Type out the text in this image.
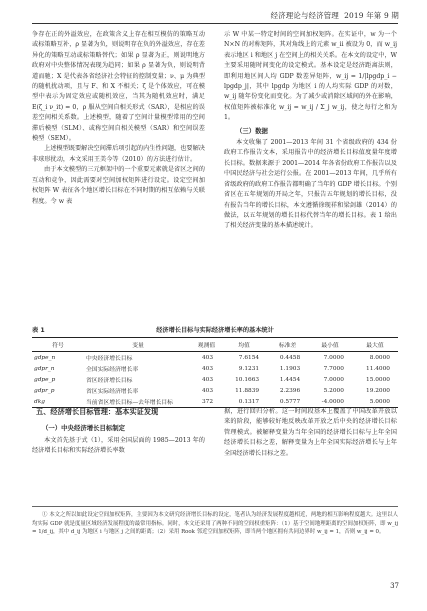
经济理论与经济管理 2019 年第 9 期

争存在正的外溢效应，在政策含义上存在相互模仿的策略互动或标策略互补，ρ 显著为负，则说明存在负的外溢效应，存在差异化的策略互动或标策略替代；如果 ρ 显著为正，则说明地方政府对中央整体情况表现为趋同；如果 ρ 显著为负，则说明背道而驰；X 是代表各省经济社会特征的控制变量；ν、μ 为典型的随机扰动项，且与 F、和 X 不相关；ζ 是个体效应，可在模型中表示为固定效应或随机效应，当其为随机效应时，满足 E(ζ_i ν_it) = 0，ρ 服从空间自相关形式（SAR），是相应的误差空间相关系数。上述模型，随着了空间计量模型常用的空间滞后模型（SLM）、或称空间自相关模型（SAR）和空间误差模型（SEM）。

上述模型既要解决空间滞后项引起的内生性问题，也要解决非球形扰动，本文采用王美今等（2010）的方法进行估计。

由于本文模型的三元框架中的一个重要元素就是省区之间的互动和竞争，因此需要对空间加权矩阵进行设定。设定空间加权矩阵 W 表征各个地区增长目标在不同时期的相互依赖与关联程度。令 w 表

示 W 中某一特定时间的空间加权矩阵。在实证中，w 为一个 N×N 的对称矩阵，其对角线上的元素 w_ii 被设为 0，而 w_ij 表示地区 i 和地区 j 在空间上的相关关系。在本文的设定中，W 主要采用随时间变化的设定模式。基本设定是经济距离法则，即利用地区间人均 GDP 数差异矩阵，w_ij = 1/|lpgdp_i − lpgdp_j|，其中 lpgdp 为地区 i 的人均实际 GDP 的对数，w_ij 随年份变化而变化。为了减少或消除区域间的外在影响，权值矩阵被标准化 w_ij = w_ij / Σ_j w_ij，使之每行之和为 1。

（三）数据

本文收集了 2001—2013 年间 31 个省级政府的 434 份政府工作报告文本，采用报告中的经济增长目标值度量年度增长目标。数据来源于 2001—2014 年各省份政府工作报告以及中国民经济与社会运行公报。在 2001—2013 年间，几乎所有省级政府的政府工作报告都明确了当年的 GDP 增长目标。个别省区在五年规划的开局之年，只报告五年规划的增长目标，没有报告当年的增长目标，本文遵循徐现祥和梁剑雄（2014）的做法，以五年规划的增长目标代替当年的增长目标。表 1 给出了相关经济变量的基本描述统计。

表 1	经济增长目标与实际经济增长率的基本统计
符号	变量	观测值	均值	标准差	最小值	最大值
gdpe_n	中央经济增长目标	403	7.6154	0.4458	7.0000	8.0000
gdpr_n	全国实际经济增长率	403	9.1231	1.1903	7.7000	11.4000
gdpe_p	省区经济增长目标	403	10.1663	1.4454	7.0000	15.0000
gdpr_p	省区实际经济增长率	403	11.8839	2.2396	5.2000	19.2000
dkg	当前省区增长目标—去年增长目标	372	0.1317	0.5777	-4.0000	5.0000
五、经济增长目标管理：基本实证发现
（一）中央经济增长目标制定

本文首先基于式（1），采用全国层面的 1985—2013 年的经济增长目标和实际经济增长率数

据，进行回归分析。这一时间段基本上覆盖了中国改革开放以来的阶段，能够较好地反映改革开放之后中央的经济增长目标管理模式。被解释变量为当年全国的经济增长目标与上年全国经济增长目标之差，解释变量为上年全国实际经济增长与上年全国经济增长目标之差。

① 本文之所以如此设定空间加权矩阵，主要因为本文研究经济增长目标的设定，笔者认为经济发展程度越相近，两地的相互影响程度越大。这里以人均实际 GDP 就是度量区域经济发展程度的最常用指标。同时，本文还采用了两种不同的空间权重矩阵：（1）基于空间地理距离的空间加权矩阵，即 w_ij = 1/d_ij，其中 d_ij 为地区 i 与地区 j 之间的距离；（2）采用 Rook 邻近空间加权矩阵，即当两个地区拥有共同边界时 w_ij = 1，否则 w_ij = 0。

37
